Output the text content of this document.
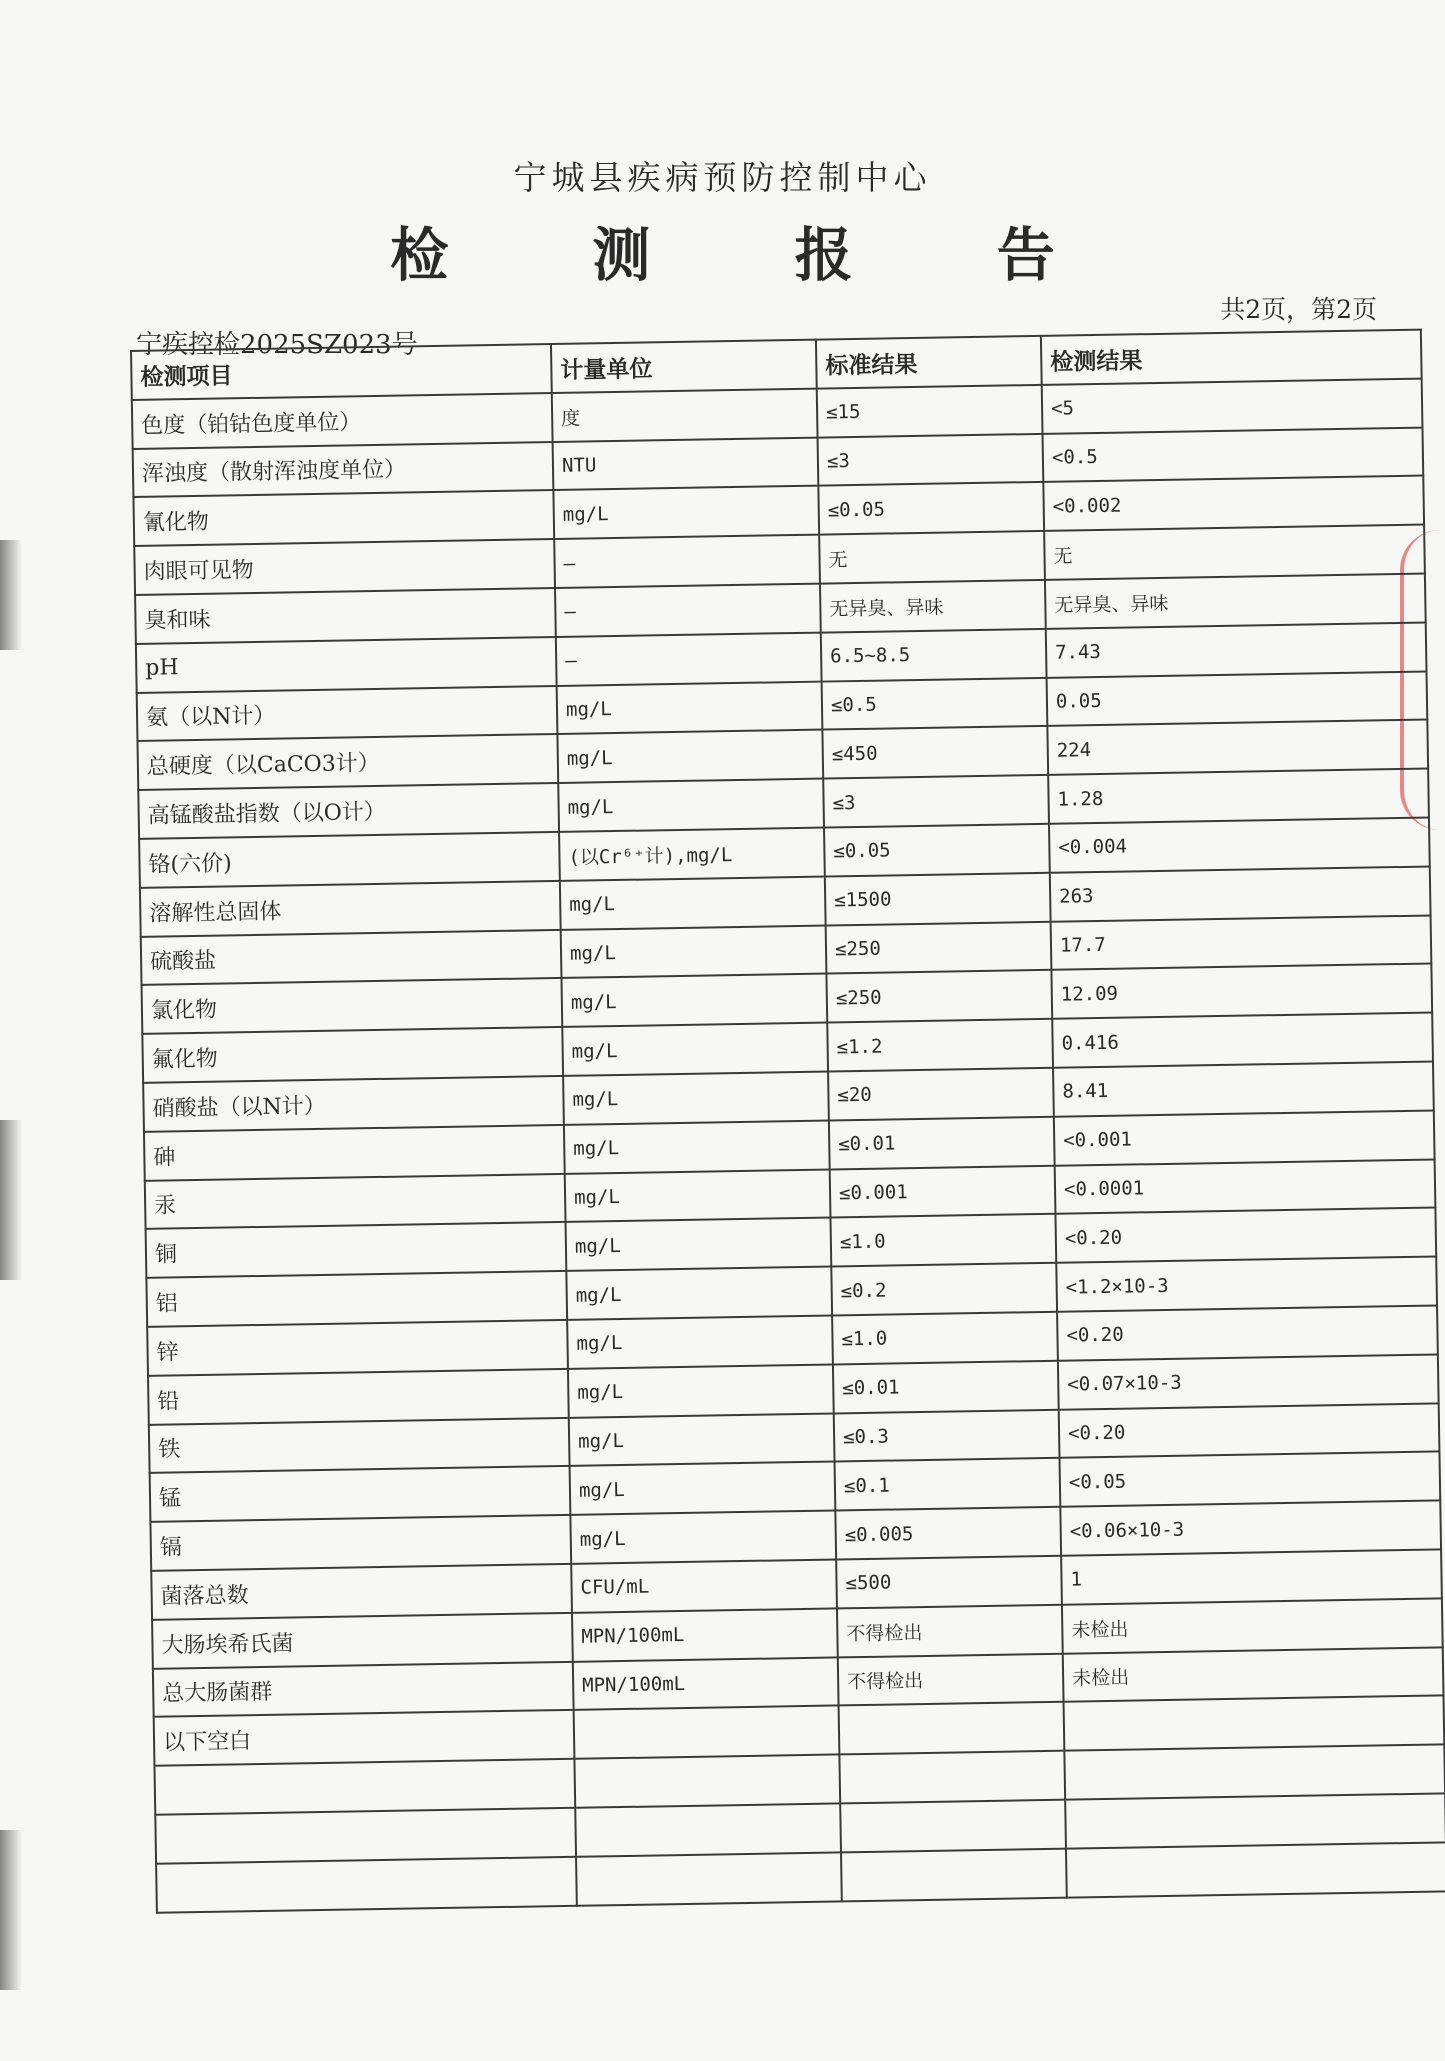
宁城县疾病预防控制中心
检 测 报 告
共2页，第2页
宁疾控检2025SZ023号
检测项目	计量单位	标准结果	检测结果
色度（铂钴色度单位）	度	≤15	<5
浑浊度（散射浑浊度单位）	NTU	≤3	<0.5
氰化物	mg/L	≤0.05	<0.002
肉眼可见物	–	无	无
臭和味	–	无异臭、异味	无异臭、异味
pH	–	6.5~8.5	7.43
氨（以N计）	mg/L	≤0.5	0.05
总硬度（以CaCO3计）	mg/L	≤450	224
高锰酸盐指数（以O计）	mg/L	≤3	1.28
铬(六价)	(以Cr⁶⁺计),mg/L	≤0.05	<0.004
溶解性总固体	mg/L	≤1500	263
硫酸盐	mg/L	≤250	17.7
氯化物	mg/L	≤250	12.09
氟化物	mg/L	≤1.2	0.416
硝酸盐（以N计）	mg/L	≤20	8.41
砷	mg/L	≤0.01	<0.001
汞	mg/L	≤0.001	<0.0001
铜	mg/L	≤1.0	<0.20
铝	mg/L	≤0.2	<1.2×10-3
锌	mg/L	≤1.0	<0.20
铅	mg/L	≤0.01	<0.07×10-3
铁	mg/L	≤0.3	<0.20
锰	mg/L	≤0.1	<0.05
镉	mg/L	≤0.005	<0.06×10-3
菌落总数	CFU/mL	≤500	1
大肠埃希氏菌	MPN/100mL	不得检出	未检出
总大肠菌群	MPN/100mL	不得检出	未检出
以下空白			
